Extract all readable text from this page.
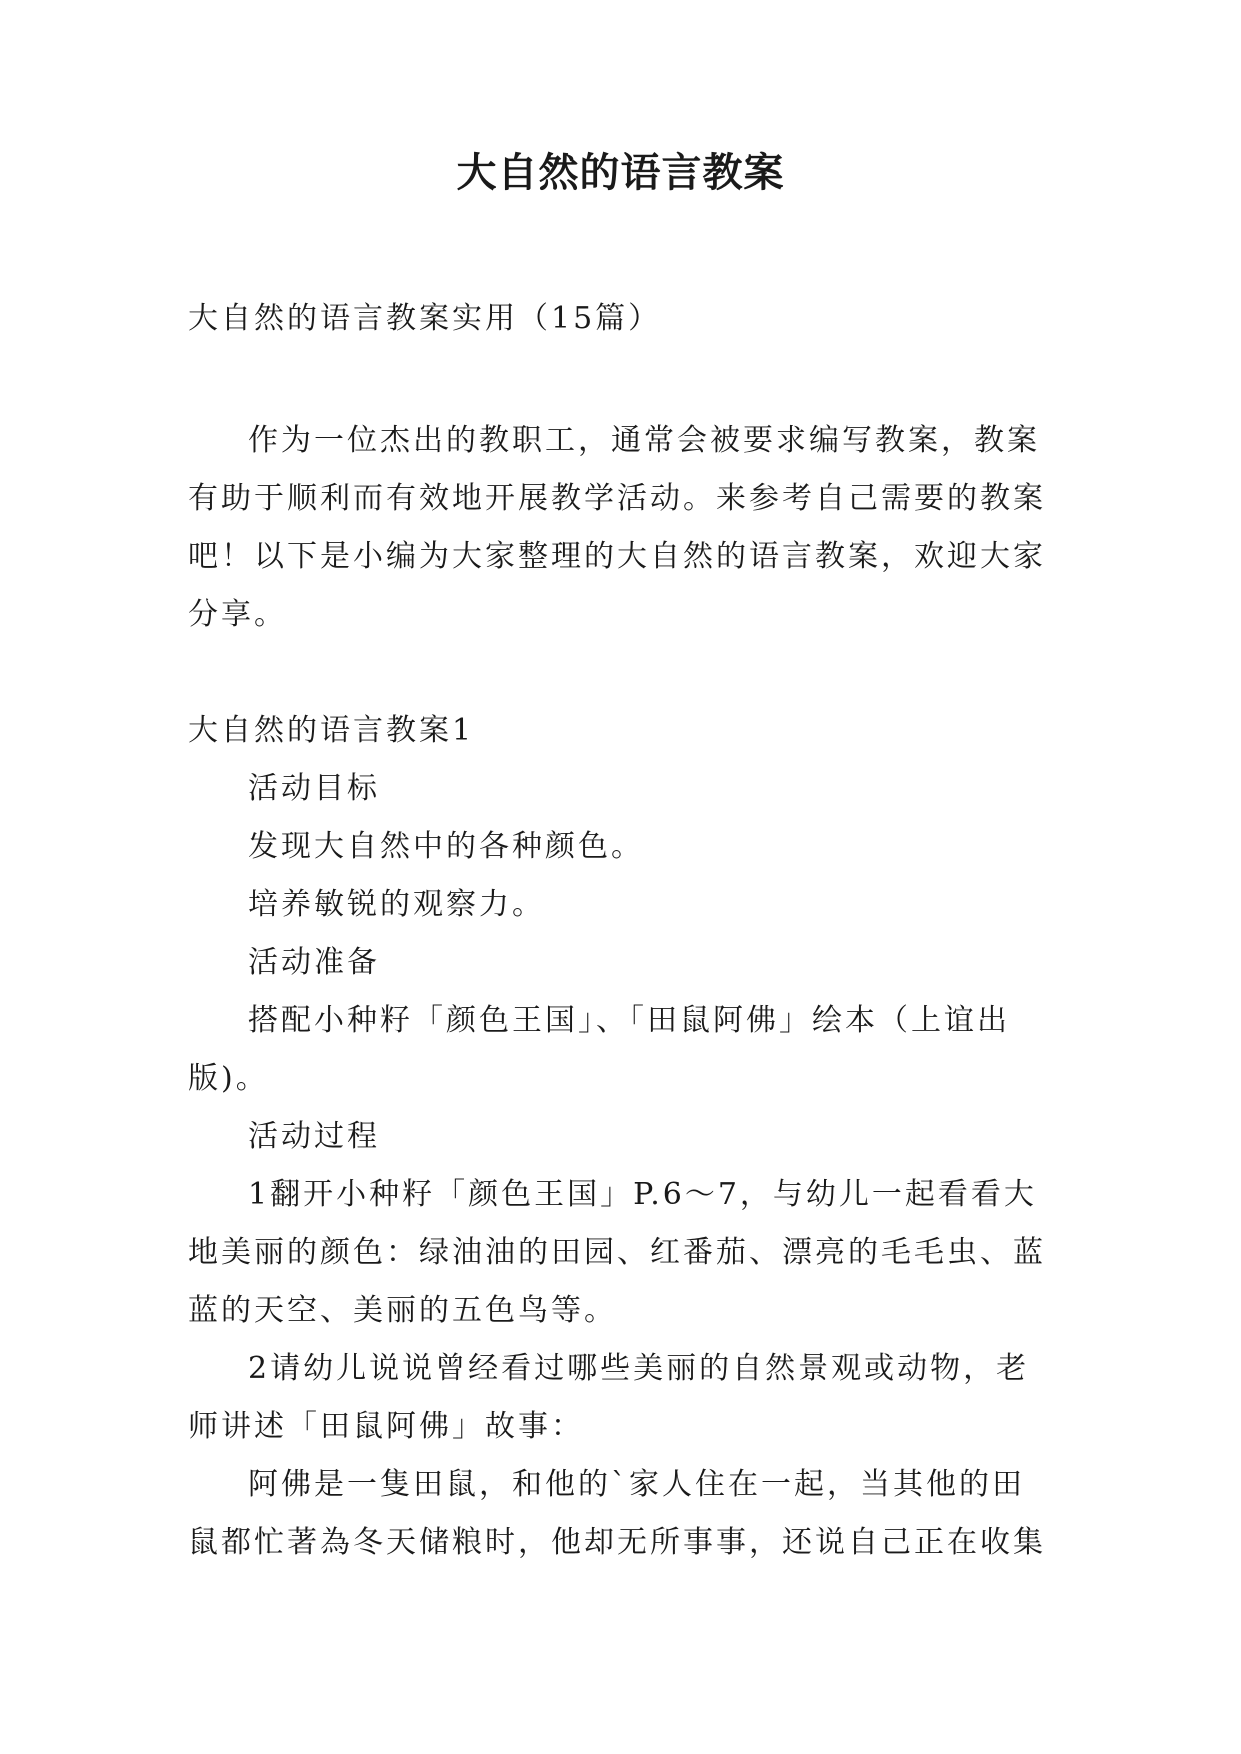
大自然的语言教案

大自然的语言教案实用（15篇）

作为一位杰出的教职工，通常会被要求编写教案，教案有助于顺利而有效地开展教学活动。来参考自己需要的教案吧！以下是小编为大家整理的大自然的语言教案，欢迎大家分享。

大自然的语言教案1

活动目标

发现大自然中的各种颜色。

培养敏锐的观察力。

活动准备

搭配小种籽「颜色王国」、「田鼠阿佛」绘本（上谊出版)。

活动过程

1翻开小种籽「颜色王国」P.6～7，与幼儿一起看看大地美丽的颜色：绿油油的田园、红番茄、漂亮的毛毛虫、蓝蓝的天空、美丽的五色鸟等。

2请幼儿说说曾经看过哪些美丽的自然景观或动物，老师讲述「田鼠阿佛」故事：

阿佛是一隻田鼠，和他的`家人住在一起，当其他的田鼠都忙著為冬天储粮时，他却无所事事，还说自己正在收集
